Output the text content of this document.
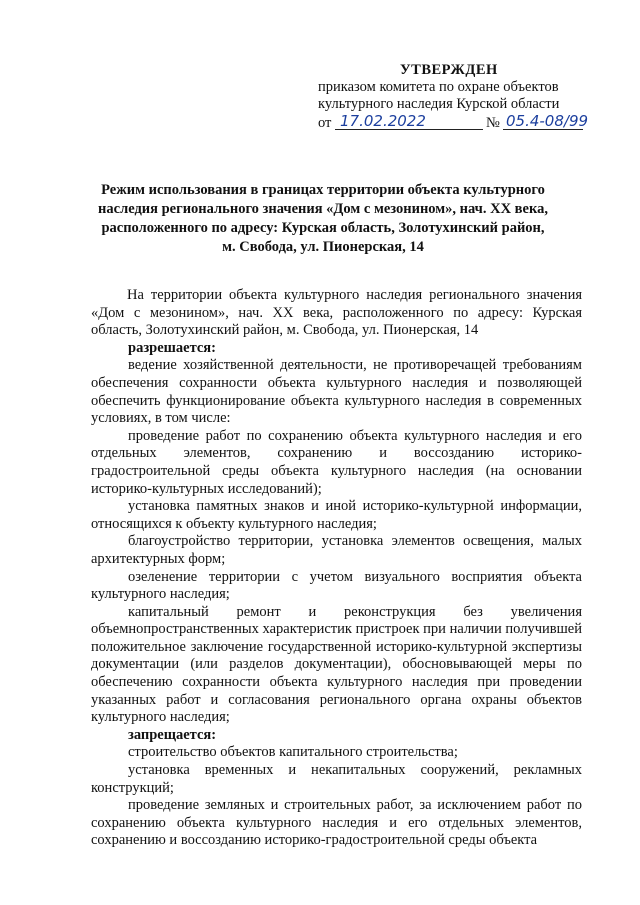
УТВЕРЖДЕН
приказом комитета по охране объектов
культурного наследия Курской области
от 17.02.2022	№ 05.4-08/99
Режим использования в границах территории объекта культурного
наследия регионального значения «Дом с мезонином», нач. XX века,
расположенного по адресу: Курская область, Золотухинский район,
м. Свобода, ул. Пионерская, 14

На территории объекта культурного наследия регионального значения «Дом с мезонином», нач. XX века, расположенного по адресу: Курская область, Золотухинский район, м. Свобода, ул. Пионерская, 14

разрешается:

ведение хозяйственной деятельности, не противоречащей требованиям обеспечения сохранности объекта культурного наследия и позволяющей обеспечить функционирование объекта культурного наследия в современных условиях, в том числе:

проведение работ по сохранению объекта культурного наследия и его отдельных элементов, сохранению и воссозданию историко-градостроительной среды объекта культурного наследия (на основании историко-культурных исследований);

установка памятных знаков и иной историко-культурной информации, относящихся к объекту культурного наследия;

благоустройство территории, установка элементов освещения, малых архитектурных форм;

озеленение территории с учетом визуального восприятия объекта культурного наследия;

капитальный ремонт и реконструкция без увеличения объемнопространственных характеристик пристроек при наличии получившей положительное заключение государственной историко-культурной экспертизы документации (или разделов документации), обосновывающей меры по обеспечению сохранности объекта культурного наследия при проведении указанных работ и согласования регионального органа охраны объектов культурного наследия;

запрещается:

строительство объектов капитального строительства;

установка временных и некапитальных сооружений, рекламных конструкций;

проведение земляных и строительных работ, за исключением работ по сохранению объекта культурного наследия и его отдельных элементов, сохранению и воссозданию историко-градостроительной среды объекта
